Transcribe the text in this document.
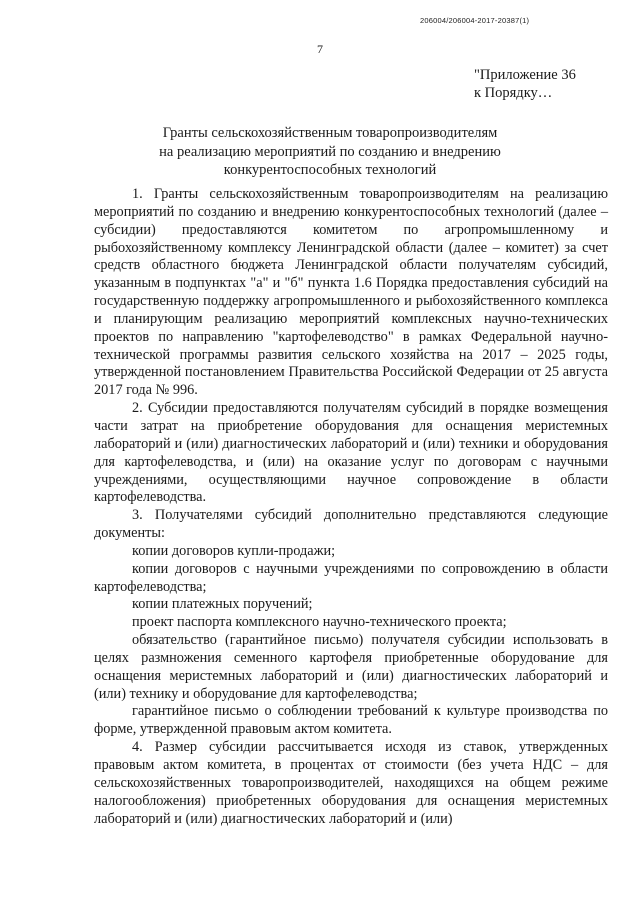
206004/206004-2017-20387(1)
7
"Приложение 36
к Порядку…
Гранты сельскохозяйственным товаропроизводителям
на реализацию мероприятий по созданию и внедрению
конкурентоспособных технологий

1. Гранты сельскохозяйственным товаропроизводителям на реализацию мероприятий по созданию и внедрению конкурентоспособных технологий (далее – субсидии) предоставляются комитетом по агропромышленному и рыбохозяйственному комплексу Ленинградской области (далее – комитет) за счет средств областного бюджета Ленинградской области получателям субсидий, указанным в подпунктах "а" и "б" пункта 1.6 Порядка предоставления субсидий на государственную поддержку агропромышленного и рыбохозяйственного комплекса и планирующим реализацию мероприятий комплексных научно-технических проектов по направлению "картофелеводство" в рамках Федеральной научно-технической программы развития сельского хозяйства на 2017 – 2025 годы, утвержденной постановлением Правительства Российской Федерации от 25 августа 2017 года № 996.

2. Субсидии предоставляются получателям субсидий в порядке возмещения части затрат на приобретение оборудования для оснащения меристемных лабораторий и (или) диагностических лабораторий и (или) техники и оборудования для картофелеводства, и (или) на оказание услуг по договорам с научными учреждениями, осуществляющими научное сопровождение в области картофелеводства.

3. Получателями субсидий дополнительно представляются следующие документы:

копии договоров купли-продажи;

копии договоров с научными учреждениями по сопровождению в области картофелеводства;

копии платежных поручений;

проект паспорта комплексного научно-технического проекта;

обязательство (гарантийное письмо) получателя субсидии использовать в целях размножения семенного картофеля приобретенные оборудование для оснащения меристемных лабораторий и (или) диагностических лабораторий и (или) технику и оборудование для картофелеводства;

гарантийное письмо о соблюдении требований к культуре производства по форме, утвержденной правовым актом комитета.

4. Размер субсидии рассчитывается исходя из ставок, утвержденных правовым актом комитета, в процентах от стоимости (без учета НДС – для сельскохозяйственных товаропроизводителей, находящихся на общем режиме налогообложения) приобретенных оборудования для оснащения меристемных лабораторий и (или) диагностических лабораторий и (или)
